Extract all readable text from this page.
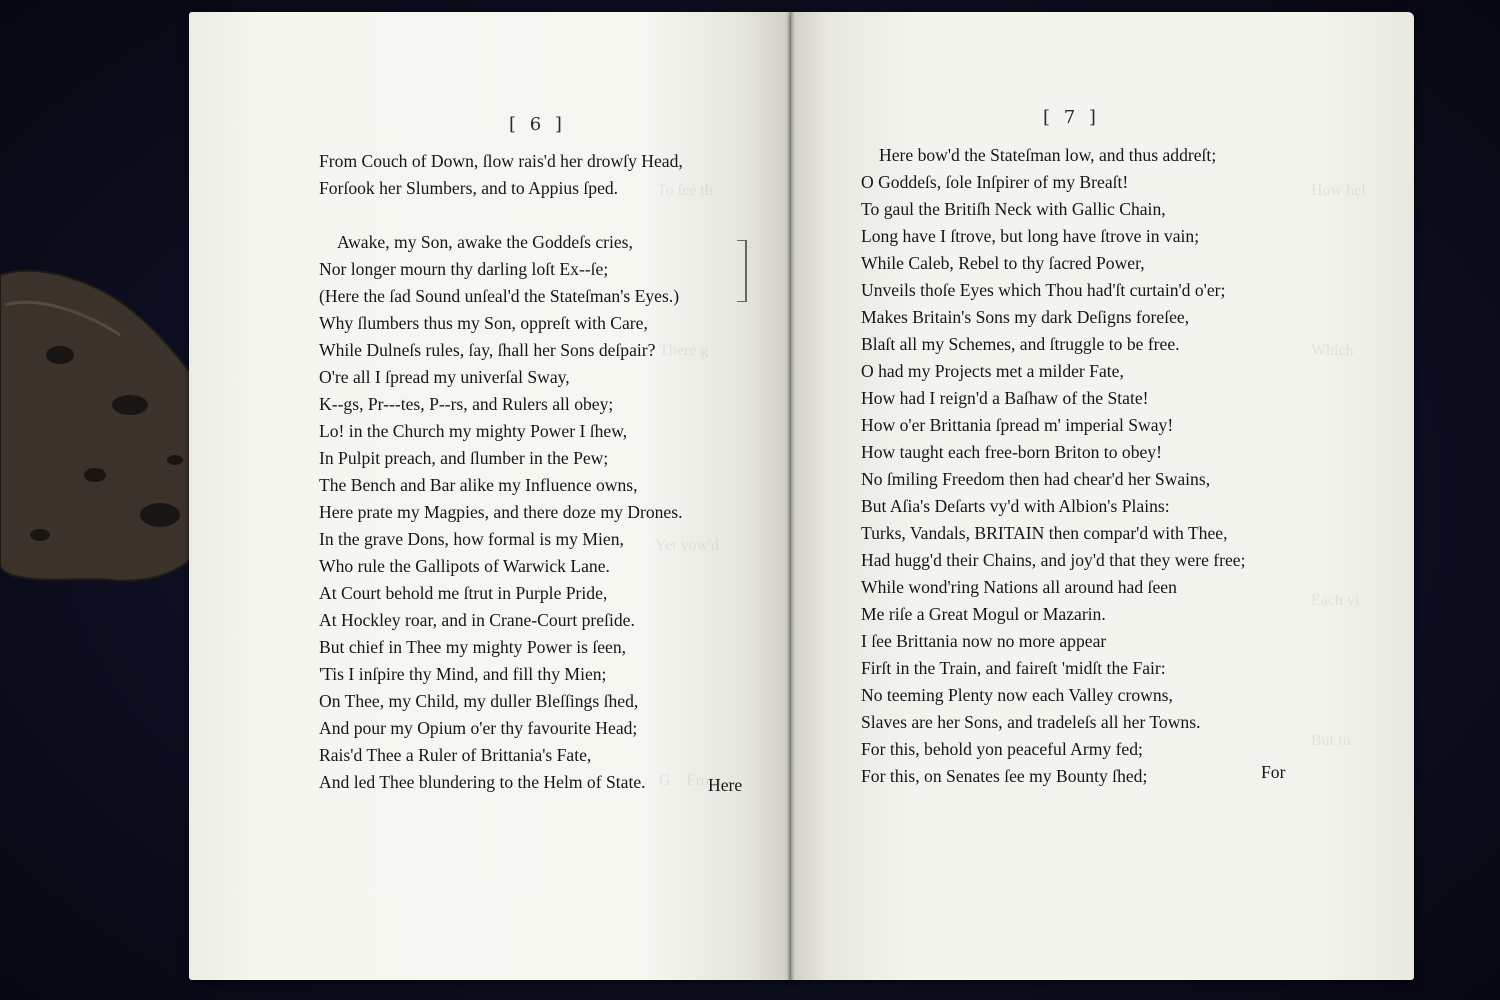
To ſee th
There g
Yet vow'd
G    From
[ 6 ]
From Couch of Down, ſlow rais'd her drowſy Head,
Forſook her Slumbers, and to Appius ſped.
Awake, my Son, awake the Goddeſs cries,
Nor longer mourn thy darling loſt Ex--ſe;
(Here the ſad Sound unſeal'd the Stateſman's Eyes.)
Why ſlumbers thus my Son, oppreſt with Care,
While Dulneſs rules, ſay, ſhall her Sons deſpair?
O're all I ſpread my univerſal Sway,
K--gs, Pr---tes, P--rs, and Rulers all obey;
Lo! in the Church my mighty Power I ſhew,
In Pulpit preach, and ſlumber in the Pew;
The Bench and Bar alike my Influence owns,
Here prate my Magpies, and there doze my Drones.
In the grave Dons, how formal is my Mien,
Who rule the Gallipots of Warwick Lane.
At Court behold me ſtrut in Purple Pride,
At Hockley roar, and in Crane-Court preſide.
But chief in Thee my mighty Power is ſeen,
'Tis I inſpire thy Mind, and fill thy Mien;
On Thee, my Child, my duller Bleſſings ſhed,
And pour my Opium o'er thy favourite Head;
Rais'd Thee a Ruler of Brittania's Fate,
And led Thee blundering to the Helm of State.	Here
How hel
Which
Each vi
But tu
[ 7 ]
Here bow'd the Stateſman low, and thus addreſt;
O Goddeſs, ſole Inſpirer of my Breaſt!
To gaul the Britiſh Neck with Gallic Chain,
Long have I ſtrove, but long have ſtrove in vain;
While Caleb, Rebel to thy ſacred Power,
Unveils thoſe Eyes which Thou had'ſt curtain'd o'er;
Makes Britain's Sons my dark Deſigns foreſee,
Blaſt all my Schemes, and ſtruggle to be free.
O had my Projects met a milder Fate,
How had I reign'd a Baſhaw of the State!
How o'er Brittania ſpread m' imperial Sway!
How taught each free-born Briton to obey!
No ſmiling Freedom then had chear'd her Swains,
But Aſia's Deſarts vy'd with Albion's Plains:
Turks, Vandals, BRITAIN then compar'd with Thee,
Had hugg'd their Chains, and joy'd that they were free;
While wond'ring Nations all around had ſeen
Me riſe a Great Mogul or Mazarin.
I ſee Brittania now no more appear
Firſt in the Train, and faireſt 'midſt the Fair:
No teeming Plenty now each Valley crowns,
Slaves are her Sons, and tradeleſs all her Towns.
For this, behold yon peaceful Army fed;
For this, on Senates ſee my Bounty ſhed;	For
